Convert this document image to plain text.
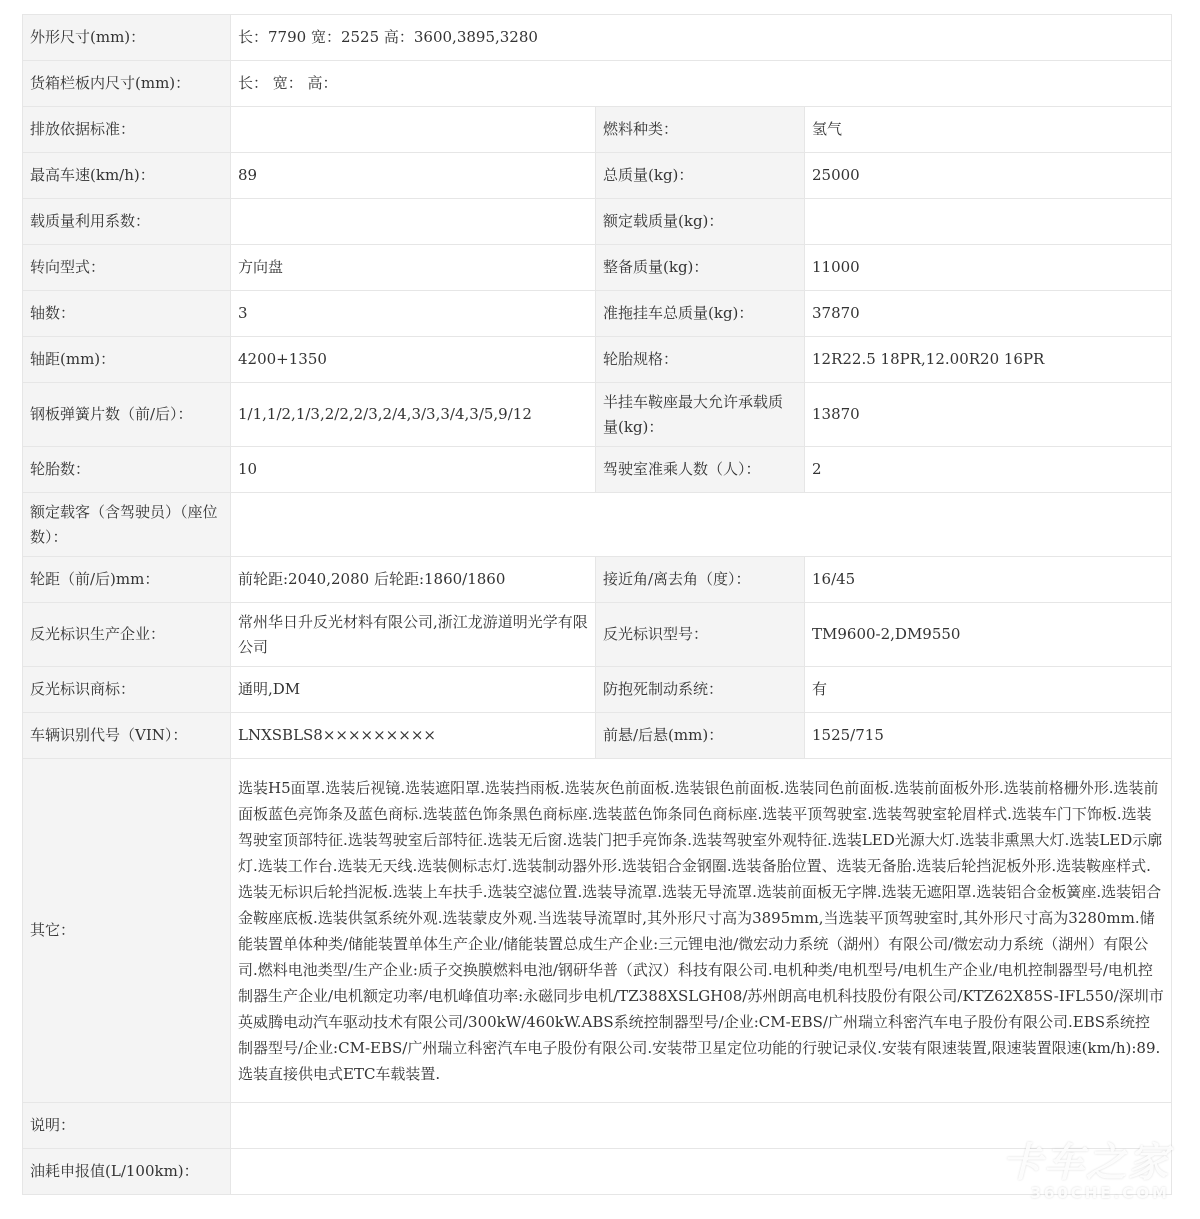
外形尺寸(mm)：	长：7790 宽：2525 高：3600,3895,3280		
货箱栏板内尺寸(mm)：	长： 宽： 高：		
排放依据标准：		燃料种类：	氢气
最高车速(km/h)：	89	总质量(kg)：	25000
载质量利用系数：		额定载质量(kg)：	
转向型式：	方向盘	整备质量(kg)：	11000
轴数：	3	准拖挂车总质量(kg)：	37870
轴距(mm)：	4200+1350	轮胎规格：	12R22.5 18PR,12.00R20 16PR
钢板弹簧片数（前/后）：	1/1,1/2,1/3,2/2,2/3,2/4,3/3,3/4,3/5,9/12	半挂车鞍座最大允许承载质量(kg)：	13870
轮胎数：	10	驾驶室准乘人数（人）：	2
额定载客（含驾驶员）（座位数）：			
轮距（前/后)mm：	前轮距:2040,2080 后轮距:1860/1860	接近角/离去角（度）：	16/45
反光标识生产企业：	常州华日升反光材料有限公司,浙江龙游道明光学有限公司	反光标识型号：	TM9600-2,DM9550
反光标识商标：	通明,DM	防抱死制动系统：	有
车辆识别代号（VIN）：	LNXSBLS8×××××××××	前悬/后悬(mm)：	1525/715
其它：	选装H5面罩.选装后视镜.选装遮阳罩.选装挡雨板.选装灰色前面板.选装银色前面板.选装同色前面板.选装前面板外形.选装前格栅外形.选装前面板蓝色亮饰条及蓝色商标.选装蓝色饰条黑色商标座.选装蓝色饰条同色商标座.选装平顶驾驶室.选装驾驶室轮眉样式.选装车门下饰板.选装驾驶室顶部特征.选装驾驶室后部特征.选装无后窗.选装门把手亮饰条.选装驾驶室外观特征.选装LED光源大灯.选装非熏黑大灯.选装LED示廓灯.选装工作台.选装无天线.选装侧标志灯.选装制动器外形.选装铝合金钢圈.选装备胎位置、选装无备胎.选装后轮挡泥板外形.选装鞍座样式.选装无标识后轮挡泥板.选装上车扶手.选装空滤位置.选装导流罩.选装无导流罩.选装前面板无字牌.选装无遮阳罩.选装铝合金板簧座.选装铝合金鞍座底板.选装供氢系统外观.选装蒙皮外观.当选装导流罩时,其外形尺寸高为3895mm,当选装平顶驾驶室时,其外形尺寸高为3280mm.储能装置单体种类/储能装置单体生产企业/储能装置总成生产企业:三元锂电池/微宏动力系统（湖州）有限公司/微宏动力系统（湖州）有限公司.燃料电池类型/生产企业:质子交换膜燃料电池/钢研华普（武汉）科技有限公司.电机种类/电机型号/电机生产企业/电机控制器型号/电机控制器生产企业/电机额定功率/电机峰值功率:永磁同步电机/TZ388XSLGH08/苏州朗高电机科技股份有限公司/KTZ62X85S-IFL550/深圳市英威腾电动汽车驱动技术有限公司/300kW/460kW.ABS系统控制器型号/企业:CM-EBS/广州瑞立科密汽车电子股份有限公司.EBS系统控制器型号/企业:CM-EBS/广州瑞立科密汽车电子股份有限公司.安装带卫星定位功能的行驶记录仪.安装有限速装置,限速装置限速(km/h):89.选装直接供电式ETC车载装置.		
说明：			
油耗申报值(L/100km)：				卡车之家
360CHE.COM
